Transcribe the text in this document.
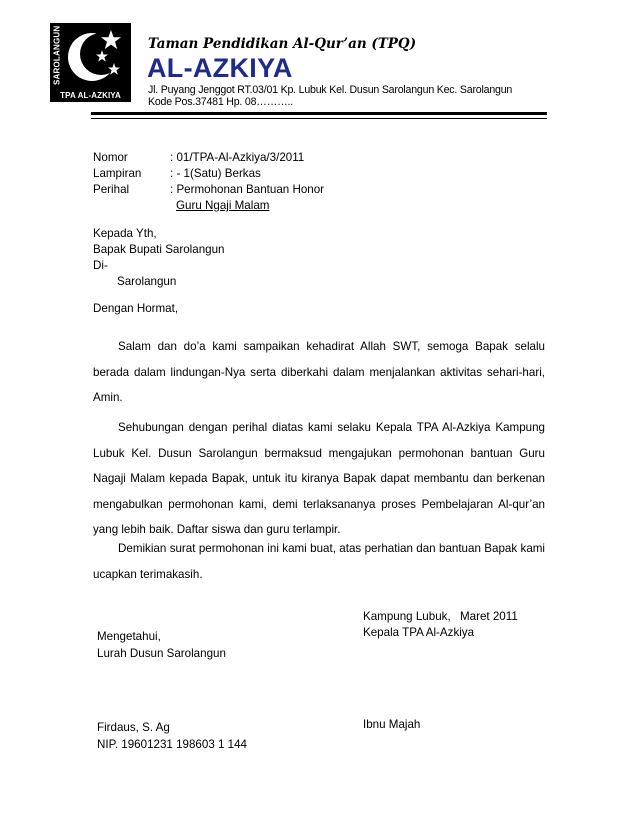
SAROLANGUN
TPA AL-AZKIYA
Taman Pendidikan Al-Qur’an (TPQ)
AL-AZKIYA
Jl. Puyang Jenggot RT.03/01 Kp. Lubuk Kel. Dusun Sarolangun Kec. Sarolangun Kode Pos.37481 Hp. 08………..
Nomor	: 01/TPA-Al-Azkiya/3/2011
Lampiran : - 1(Satu) Berkas
Perihal	: Permohonan Bantuan Honor
Guru Ngaji Malam
Kepada Yth,
Bapak Bupati Sarolangun
Di-
Sarolangun
Dengan Hormat,
Salam dan do’a kami sampaikan kehadirat Allah SWT, semoga Bapak selalu berada dalam lindungan-Nya serta diberkahi dalam menjalankan aktivitas sehari-hari, Amin.
Sehubungan dengan perihal diatas kami selaku Kepala TPA Al-Azkiya Kampung Lubuk Kel. Dusun Sarolangun bermaksud mengajukan permohonan bantuan Guru Nagaji Malam kepada Bapak, untuk itu kiranya Bapak dapat membantu dan berkenan mengabulkan permohonan kami, demi terlaksananya proses Pembelajaran Al-qur’an yang lebih baik. Daftar siswa dan guru terlampir.
Demikian surat permohonan ini kami buat, atas perhatian dan bantuan Bapak kami ucapkan terimakasih.
Kampung Lubuk, Maret 2011
Kepala TPA Al-Azkiya
Mengetahui,
Lurah Dusun Sarolangun
Firdaus, S. Ag	Ibnu Majah
NIP. 19601231 198603 1 144
